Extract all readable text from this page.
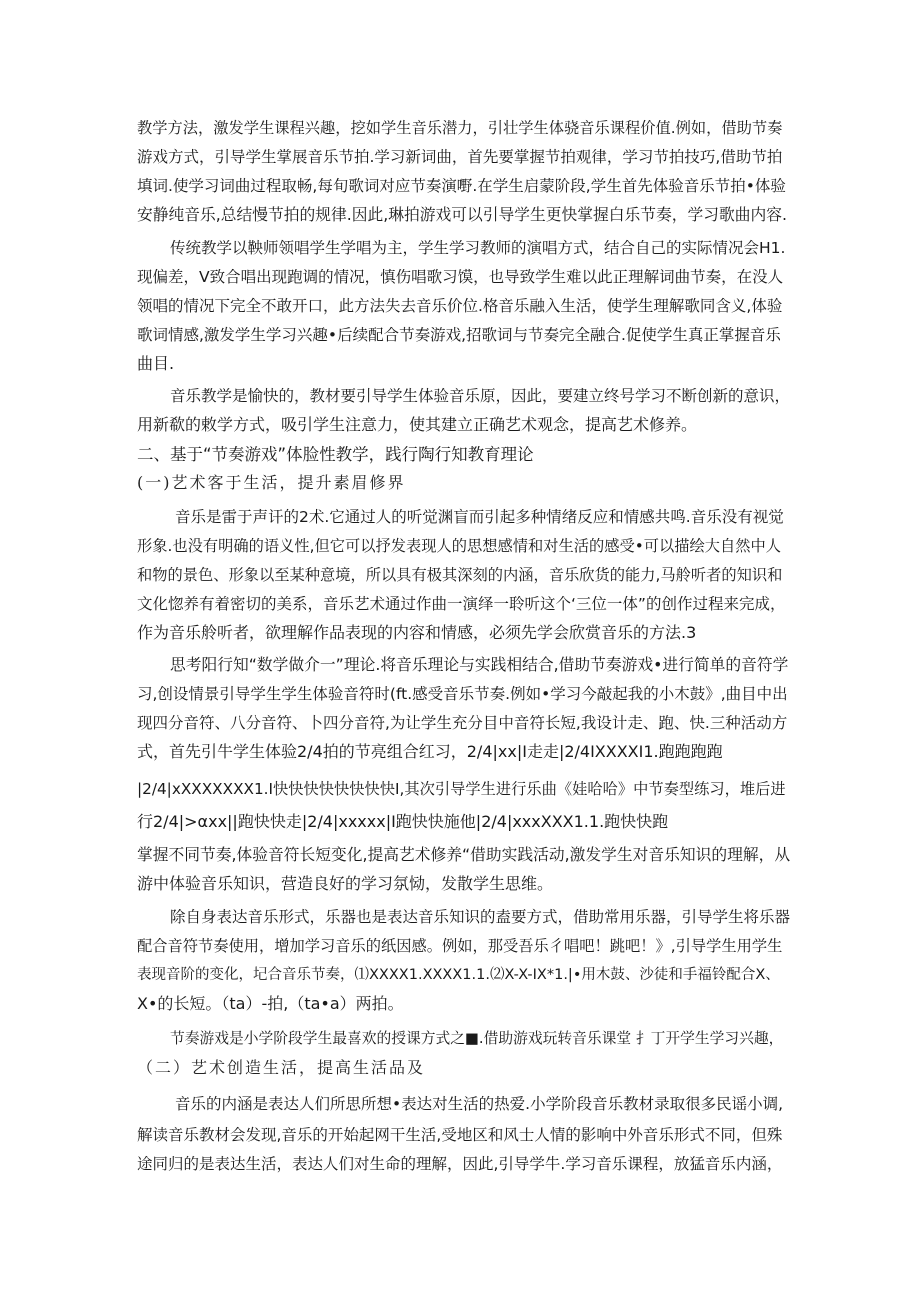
教学方法，激发学生课程兴趣，挖如学生音乐潜力，引壮学生体骁音乐课程价值.例如，借助节奏
游戏方式，引导学生掌展音乐节拍.学习新词曲，首先要掌握节拍观律，学习节拍技巧,借助节拍
填词.使学习词曲过程取畅,每旬歌词对应节奏演嘢.在学生启蒙阶段,学生首先体验音乐节拍•体验
安静纯音乐,总结慢节拍的规律.因此,琳拍游戏可以引导学生更快掌握白乐节奏，学习歌曲内容.
传统教学以鞅师领唱学生学唱为主，学生学习教师的演唱方式，结合自己的实际情况会H1.
现偏差，V致合唱出现跑调的情况，慎伤唱歌习馍，也导致学生难以此正理解词曲节奏，在没人
领唱的情况下完全不敢开口，此方法失去音乐价位.格音乐融入生活，使学生理解歌同含义,体验
歌词情感,激发学生学习兴趣•后续配合节奏游戏,招歌词与节奏完全融合.促使学生真正掌握音乐
曲目.
音乐教学是愉快的，教材要引导学生体验音乐原，因此，要建立终号学习不断创新的意识，
用新欷的敕学方式，吸引学生注意力，使其建立正确艺术观念，提高艺术修养。
二、基于“节奏游戏”体脸性教学，践行陶行知教育理论
(一)艺术客于生活，提升素眉修界
音乐是雷于声讦的2术.它通过人的听觉渊盲而引起多种情绪反应和情感共鸣.音乐没有视觉
形象.也没有明确的语义性,但它可以抒发表现人的思想感情和对生活的感受•可以描绘大自然中人
和物的景色、形象以至某种意境，所以具有极其深刻的内涵，音乐欣货的能力,马舲听者的知识和
文化惚养有着密切的美系，音乐艺术通过作曲一演绎一聆听这个‘三位一体”的创作过程来完成，
作为音乐舲听者，欲理解作品表现的内容和情感，必须先学会欣赏音乐的方法.3
思考阳行知“数学做介一”理论.将音乐理论与实践相结合,借助节奏游戏•进行简单的音符学
习,创设情景引导学生学生体验音符时(ft.感受音乐节奏.例如•学习今敲起我的小木鼓》,曲目中出
现四分音符、八分音符、卜四分音符,为让学生充分目中音符长短,我设计走、跑、快.三种活动方
式，首先引牛学生体验2/4拍的节亮组合红习，2/4|xx|I走走|2/4IXXXXI1.跑跑跑跑
|2/4|xXXXXXXX1.I快快快快快快快快I,其次引导学生进行乐曲《娃哈哈》中节奏型练习，堆后进
行2/4|>αxx||跑快快走|2/4|xxxxx|I跑快快施他|2/4|xxxXXX1.1.跑快快跑
掌握不同节奏,体验音符长短变化,提高艺术修养“借助实践活动,激发学生对音乐知识的理解，从
游中体验音乐知识，营造良好的学习氛恸，发散学生思维。
除自身表达音乐形式，乐器也是表达音乐知识的盍要方式，借助常用乐器，引导学生将乐器
配合音符节奏使用，增加学习音乐的纸因感。例如，那受吾乐彳唱吧！跳吧！》,引导学生用学生
表现音阶的变化，圮合音乐节奏，⑴XXXX1.XXXX1.1.⑵X-X-IX*1.|•用木鼓、沙徒和手福铃配合X、
X•的长短。（ta）-拍,（ta•a）两拍。
节奏游戏是小学阶段学生最喜欢的授课方式之■.借助游戏玩转音乐课堂 扌丁开学生学习兴趣，
（二）艺术创造生活，提高生活品及
音乐的内涵是表达人们所思所想•表达对生活的热爱.小学阶段音乐教材录取很多民谣小调,
解读音乐教材会发现,音乐的开始起网干生活,受地区和风士人情的影响中外音乐形式不同，但殊
途同归的是表达生活，表达人们对生命的理解，因此,引导学牛.学习音乐课程，放猛音乐内涵，
